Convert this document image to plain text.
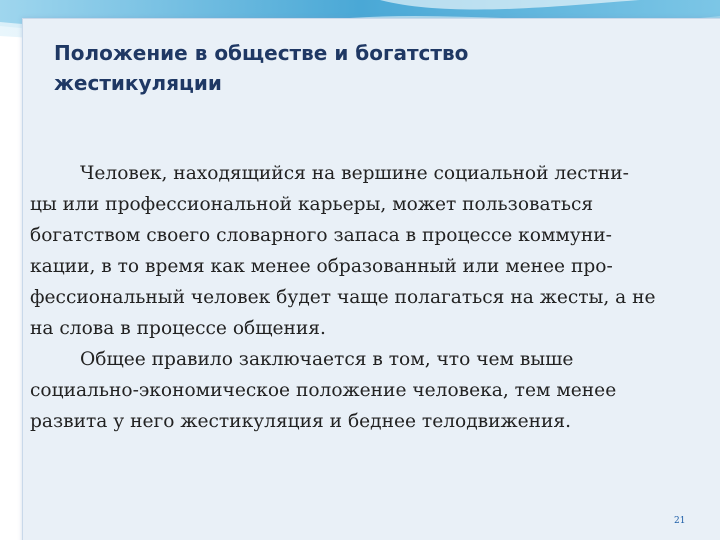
Положение в обществе и богатство
жестикуляции

Человек, находящийся на вершине социальной лестни-
цы или профессиональной карьеры, может пользоваться
богатством своего словарного запаса в процессе коммуни-
кации, в то время как менее образованный или менее про-
фессиональный человек будет чаще полагаться на жесты, а не
на слова в процессе общения.

Общее правило заключается в том, что чем выше
социально-экономическое положение человека, тем менее
развита у него жестикуляция и беднее телодвижения.

21
